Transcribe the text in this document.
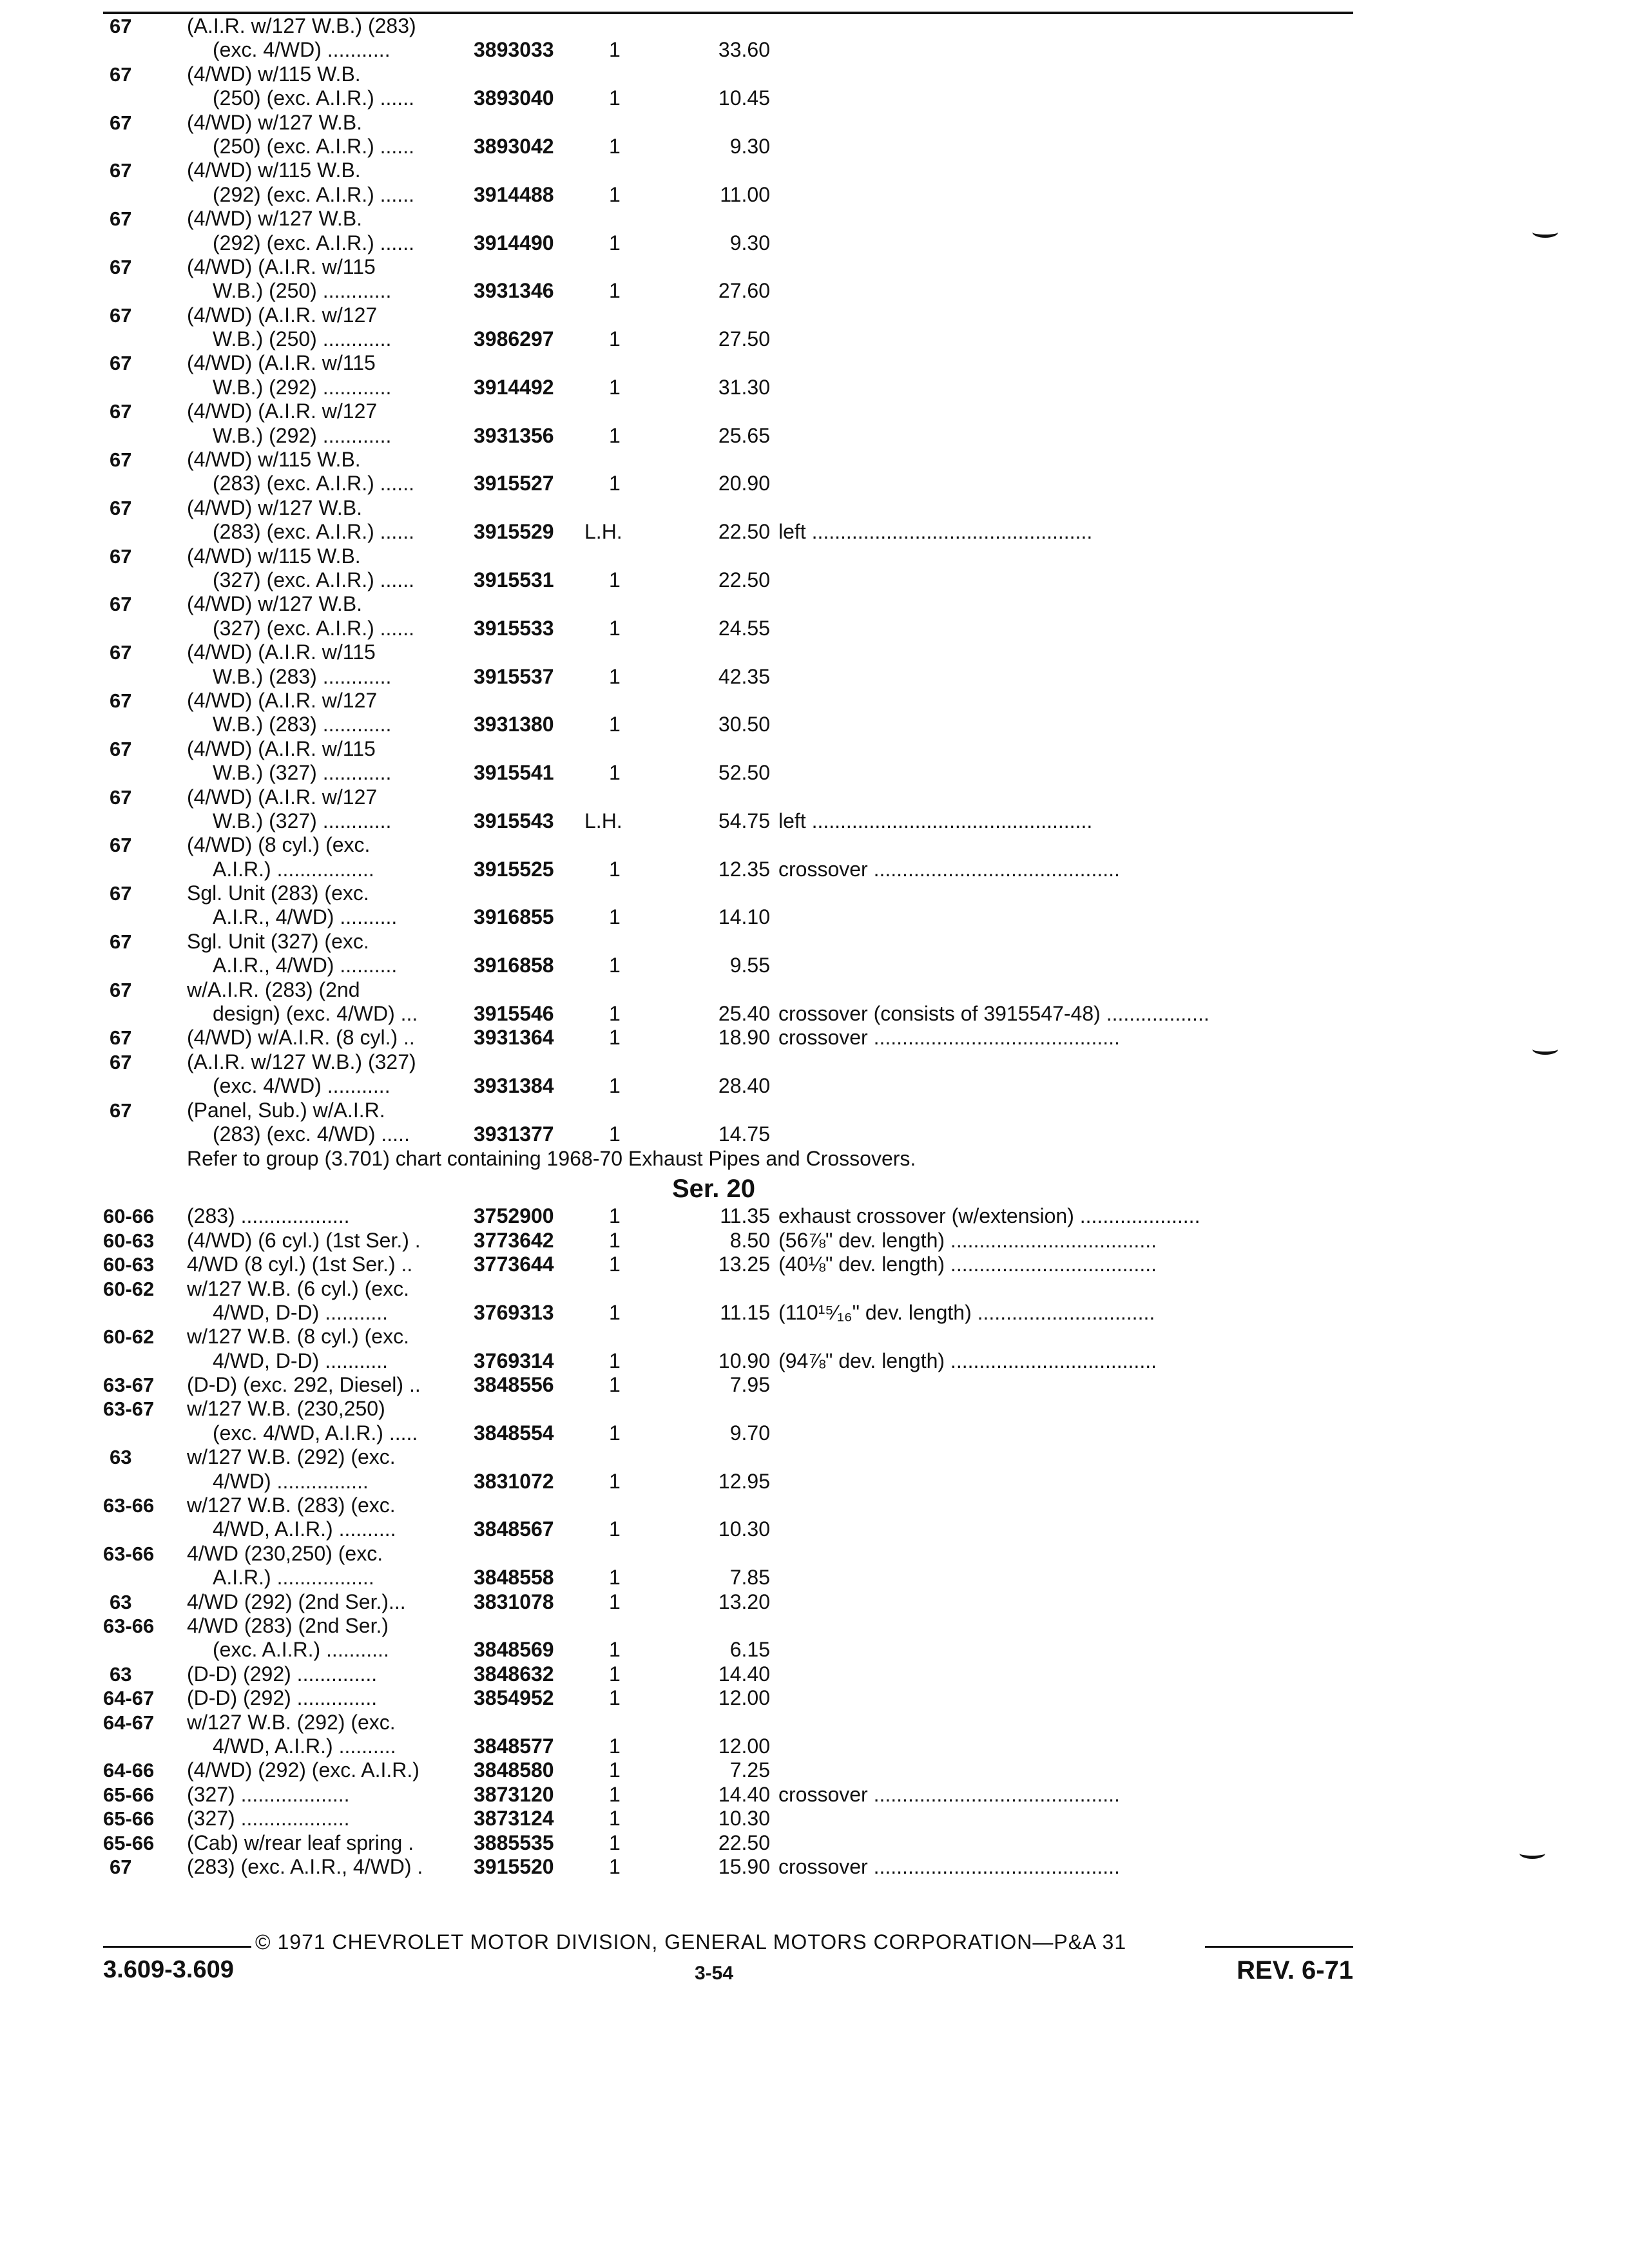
67	(A.I.R. w/127 W.B.) (283)
(exc. 4/WD) ...........	3893033	1	33.60
67	(4/WD) w/115 W.B.
(250) (exc. A.I.R.) ......	3893040	1	10.45
67	(4/WD) w/127 W.B.
(250) (exc. A.I.R.) ......	3893042	1	9.30
67	(4/WD) w/115 W.B.
(292) (exc. A.I.R.) ......	3914488	1	11.00
67	(4/WD) w/127 W.B.
(292) (exc. A.I.R.) ......	3914490	1	9.30
67	(4/WD) (A.I.R. w/115
W.B.) (250) ............	3931346	1	27.60
67	(4/WD) (A.I.R. w/127
W.B.) (250) ............	3986297	1	27.50
67	(4/WD) (A.I.R. w/115
W.B.) (292) ............	3914492	1	31.30
67	(4/WD) (A.I.R. w/127
W.B.) (292) ............	3931356	1	25.65
67	(4/WD) w/115 W.B.
(283) (exc. A.I.R.) ......	3915527	1	20.90
67	(4/WD) w/127 W.B.
(283) (exc. A.I.R.) ......	3915529 L.H.	22.50 left .................................................
67	(4/WD) w/115 W.B.
(327) (exc. A.I.R.) ......	3915531	1	22.50
67	(4/WD) w/127 W.B.
(327) (exc. A.I.R.) ......	3915533	1	24.55
67	(4/WD) (A.I.R. w/115
W.B.) (283) ............	3915537	1	42.35
67	(4/WD) (A.I.R. w/127
W.B.) (283) ............	3931380	1	30.50
67	(4/WD) (A.I.R. w/115
W.B.) (327) ............	3915541	1	52.50
67	(4/WD) (A.I.R. w/127
W.B.) (327) ............	3915543 L.H.	54.75 left .................................................
67	(4/WD) (8 cyl.) (exc.
A.I.R.) .................	3915525	1	12.35 crossover ...........................................
67	Sgl. Unit (283) (exc.
A.I.R., 4/WD) ..........	3916855	1	14.10
67	Sgl. Unit (327) (exc.
A.I.R., 4/WD) ..........	3916858	1	9.55
67	w/A.I.R. (283) (2nd
design) (exc. 4/WD) ...	3915546	1	25.40 crossover (consists of 3915547-48) ..................
67	(4/WD) w/A.I.R. (8 cyl.) ..	3931364	1	18.90 crossover ...........................................
67	(A.I.R. w/127 W.B.) (327)
(exc. 4/WD) ...........	3931384	1	28.40
67	(Panel, Sub.) w/A.I.R.
(283) (exc. 4/WD) .....	3931377	1	14.75
Refer to group (3.701) chart containing 1968-70 Exhaust Pipes and Crossovers.
Ser. 20
60-66 (283) ...................	3752900	1	11.35 exhaust crossover (w/extension) .....................
60-63 (4/WD) (6 cyl.) (1st Ser.) .	3773642	1	8.50 (56⅞" dev. length) ....................................
60-63 4/WD (8 cyl.) (1st Ser.) ..	3773644	1	13.25 (40⅛" dev. length) ....................................
60-62 w/127 W.B. (6 cyl.) (exc.
4/WD, D-D) ...........	3769313	1	11.15 (110¹⁵⁄₁₆" dev. length) ...............................
60-62 w/127 W.B. (8 cyl.) (exc.
4/WD, D-D) ...........	3769314	1	10.90 (94⅞" dev. length) ....................................
63-67 (D-D) (exc. 292, Diesel) ..	3848556	1	7.95
63-67 w/127 W.B. (230,250)
(exc. 4/WD, A.I.R.) .....	3848554	1	9.70
63	w/127 W.B. (292) (exc.
4/WD) ................	3831072	1	12.95
63-66 w/127 W.B. (283) (exc.
4/WD, A.I.R.) ..........	3848567	1	10.30
63-66 4/WD (230,250) (exc.
A.I.R.) .................	3848558	1	7.85
63	4/WD (292) (2nd Ser.)...	3831078	1	13.20
63-66 4/WD (283) (2nd Ser.)
(exc. A.I.R.) ...........	3848569	1	6.15
63	(D-D) (292) ..............	3848632	1	14.40
64-67 (D-D) (292) ..............	3854952	1	12.00
64-67 w/127 W.B. (292) (exc.
4/WD, A.I.R.) ..........	3848577	1	12.00
64-66 (4/WD) (292) (exc. A.I.R.)	3848580	1	7.25
65-66 (327) ...................	3873120	1	14.40 crossover ...........................................
65-66 (327) ...................	3873124	1	10.30
65-66 (Cab) w/rear leaf spring .	3885535	1	22.50
67	(283) (exc. A.I.R., 4/WD) . 3915520	1	15.90 crossover ...........................................
© 1971 CHEVROLET MOTOR DIVISION, GENERAL MOTORS CORPORATION—P&A 31
3.609-3.609	3-54	REV. 6-71
